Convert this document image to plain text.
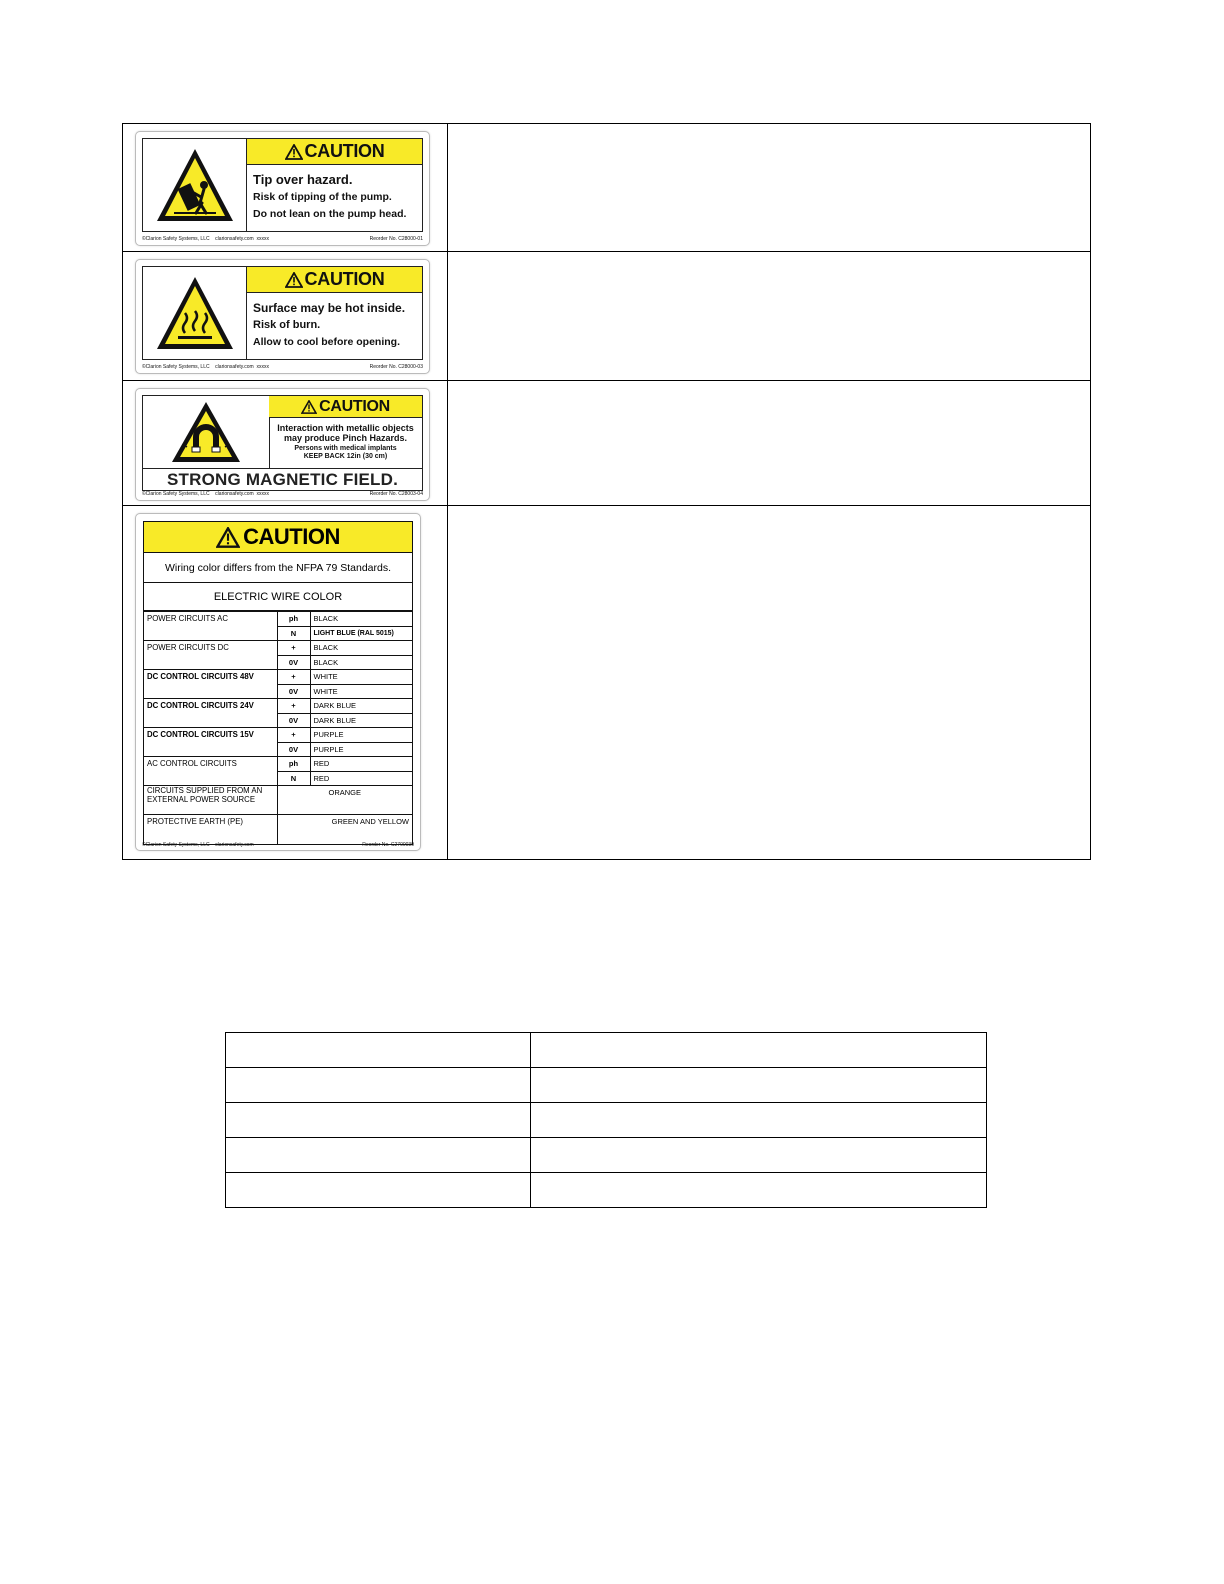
CAUTION
Tip over hazard.
Risk of tipping of the pump.
Do not lean on the pump head.
©Clarion Safety Systems, LLC clarionsafety.com xxxxx	Reorder No. C28000-01

CAUTION
Surface may be hot inside.
Risk of burn.
Allow to cool before opening.
©Clarion Safety Systems, LLC clarionsafety.com xxxxx	Reorder No. C28000-03

CAUTION
Interaction with metallic objects
may produce Pinch Hazards.
Persons with medical implants
KEEP BACK 12in (30 cm)
STRONG MAGNETIC FIELD.
©Clarion Safety Systems, LLC clarionsafety.com xxxxx	Reorder No. C28003-04

CAUTION
Wiring color differs from the NFPA 79 Standards.
ELECTRIC WIRE COLOR
POWER CIRCUITS AC	ph	BLACK
N	LIGHT BLUE (RAL 5015)
POWER CIRCUITS DC	+	BLACK
0V	BLACK
DC CONTROL CIRCUITS 48V	+	WHITE
0V	WHITE
DC CONTROL CIRCUITS 24V	+	DARK BLUE
0V	DARK BLUE
DC CONTROL CIRCUITS 15V	+	PURPLE
0V	PURPLE
AC CONTROL CIRCUITS	ph	RED
N	RED
CIRCUITS SUPPLIED FROM AN
EXTERNAL POWER SOURCE	ORANGE
PROTECTIVE EARTH (PE)	GREEN AND YELLOW
©Clarion Safety Systems, LLC clarionsafety.com	Reorder No. C2700039
